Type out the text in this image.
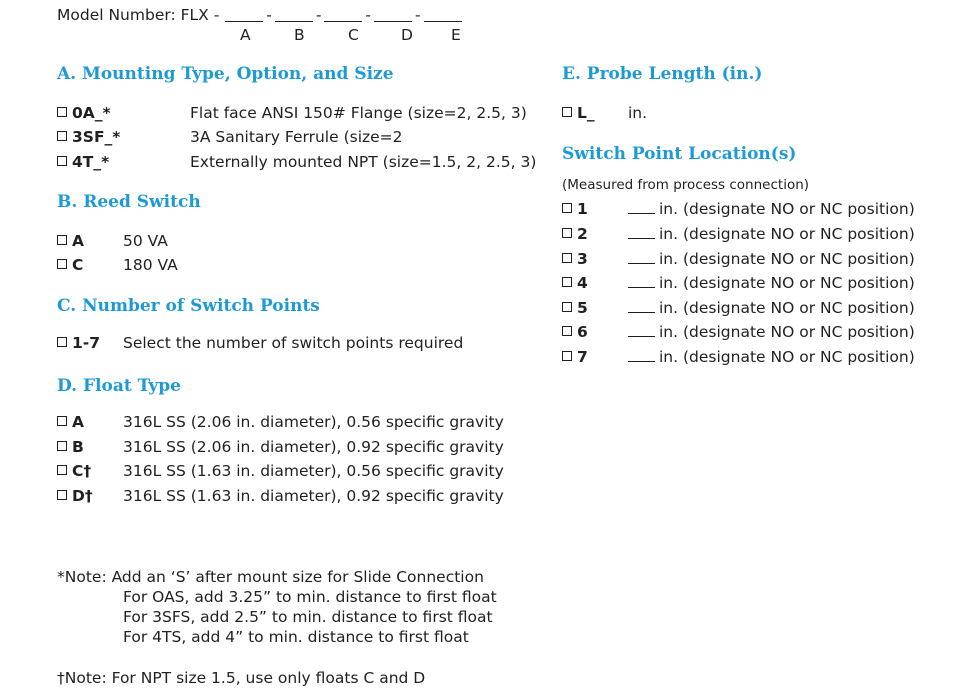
Model Number: FLX -	-	-	-	-
A	B	C	D E
A. Mounting Type, Option, and Size
0A_*	Flat face ANSI 150# Flange (size=2, 2.5, 3)
3SF_*	3A Sanitary Ferrule (size=2
4T_*	Externally mounted NPT (size=1.5, 2, 2.5, 3)
B. Reed Switch
A	50 VA
C	180 VA
C. Number of Switch Points
1-7 Select the number of switch points required
D. Float Type
A	316L SS (2.06 in. diameter), 0.56 specific gravity
B	316L SS (2.06 in. diameter), 0.92 specific gravity
C† 316L SS (1.63 in. diameter), 0.56 specific gravity
D† 316L SS (1.63 in. diameter), 0.92 specific gravity
E. Probe Length (in.)
L_ in.
Switch Point Location(s)
(Measured from process connection)
1	in. (designate NO or NC position)
2	in. (designate NO or NC position)
3	in. (designate NO or NC position)
4	in. (designate NO or NC position)
5	in. (designate NO or NC position)
6	in. (designate NO or NC position)
7	in. (designate NO or NC position)
*Note: Add an ‘S’ after mount size for Slide Connection
For OAS, add 3.25” to min. distance to first float
For 3SFS, add 2.5” to min. distance to first float
For 4TS, add 4” to min. distance to first float
†Note: For NPT size 1.5, use only floats C and D
